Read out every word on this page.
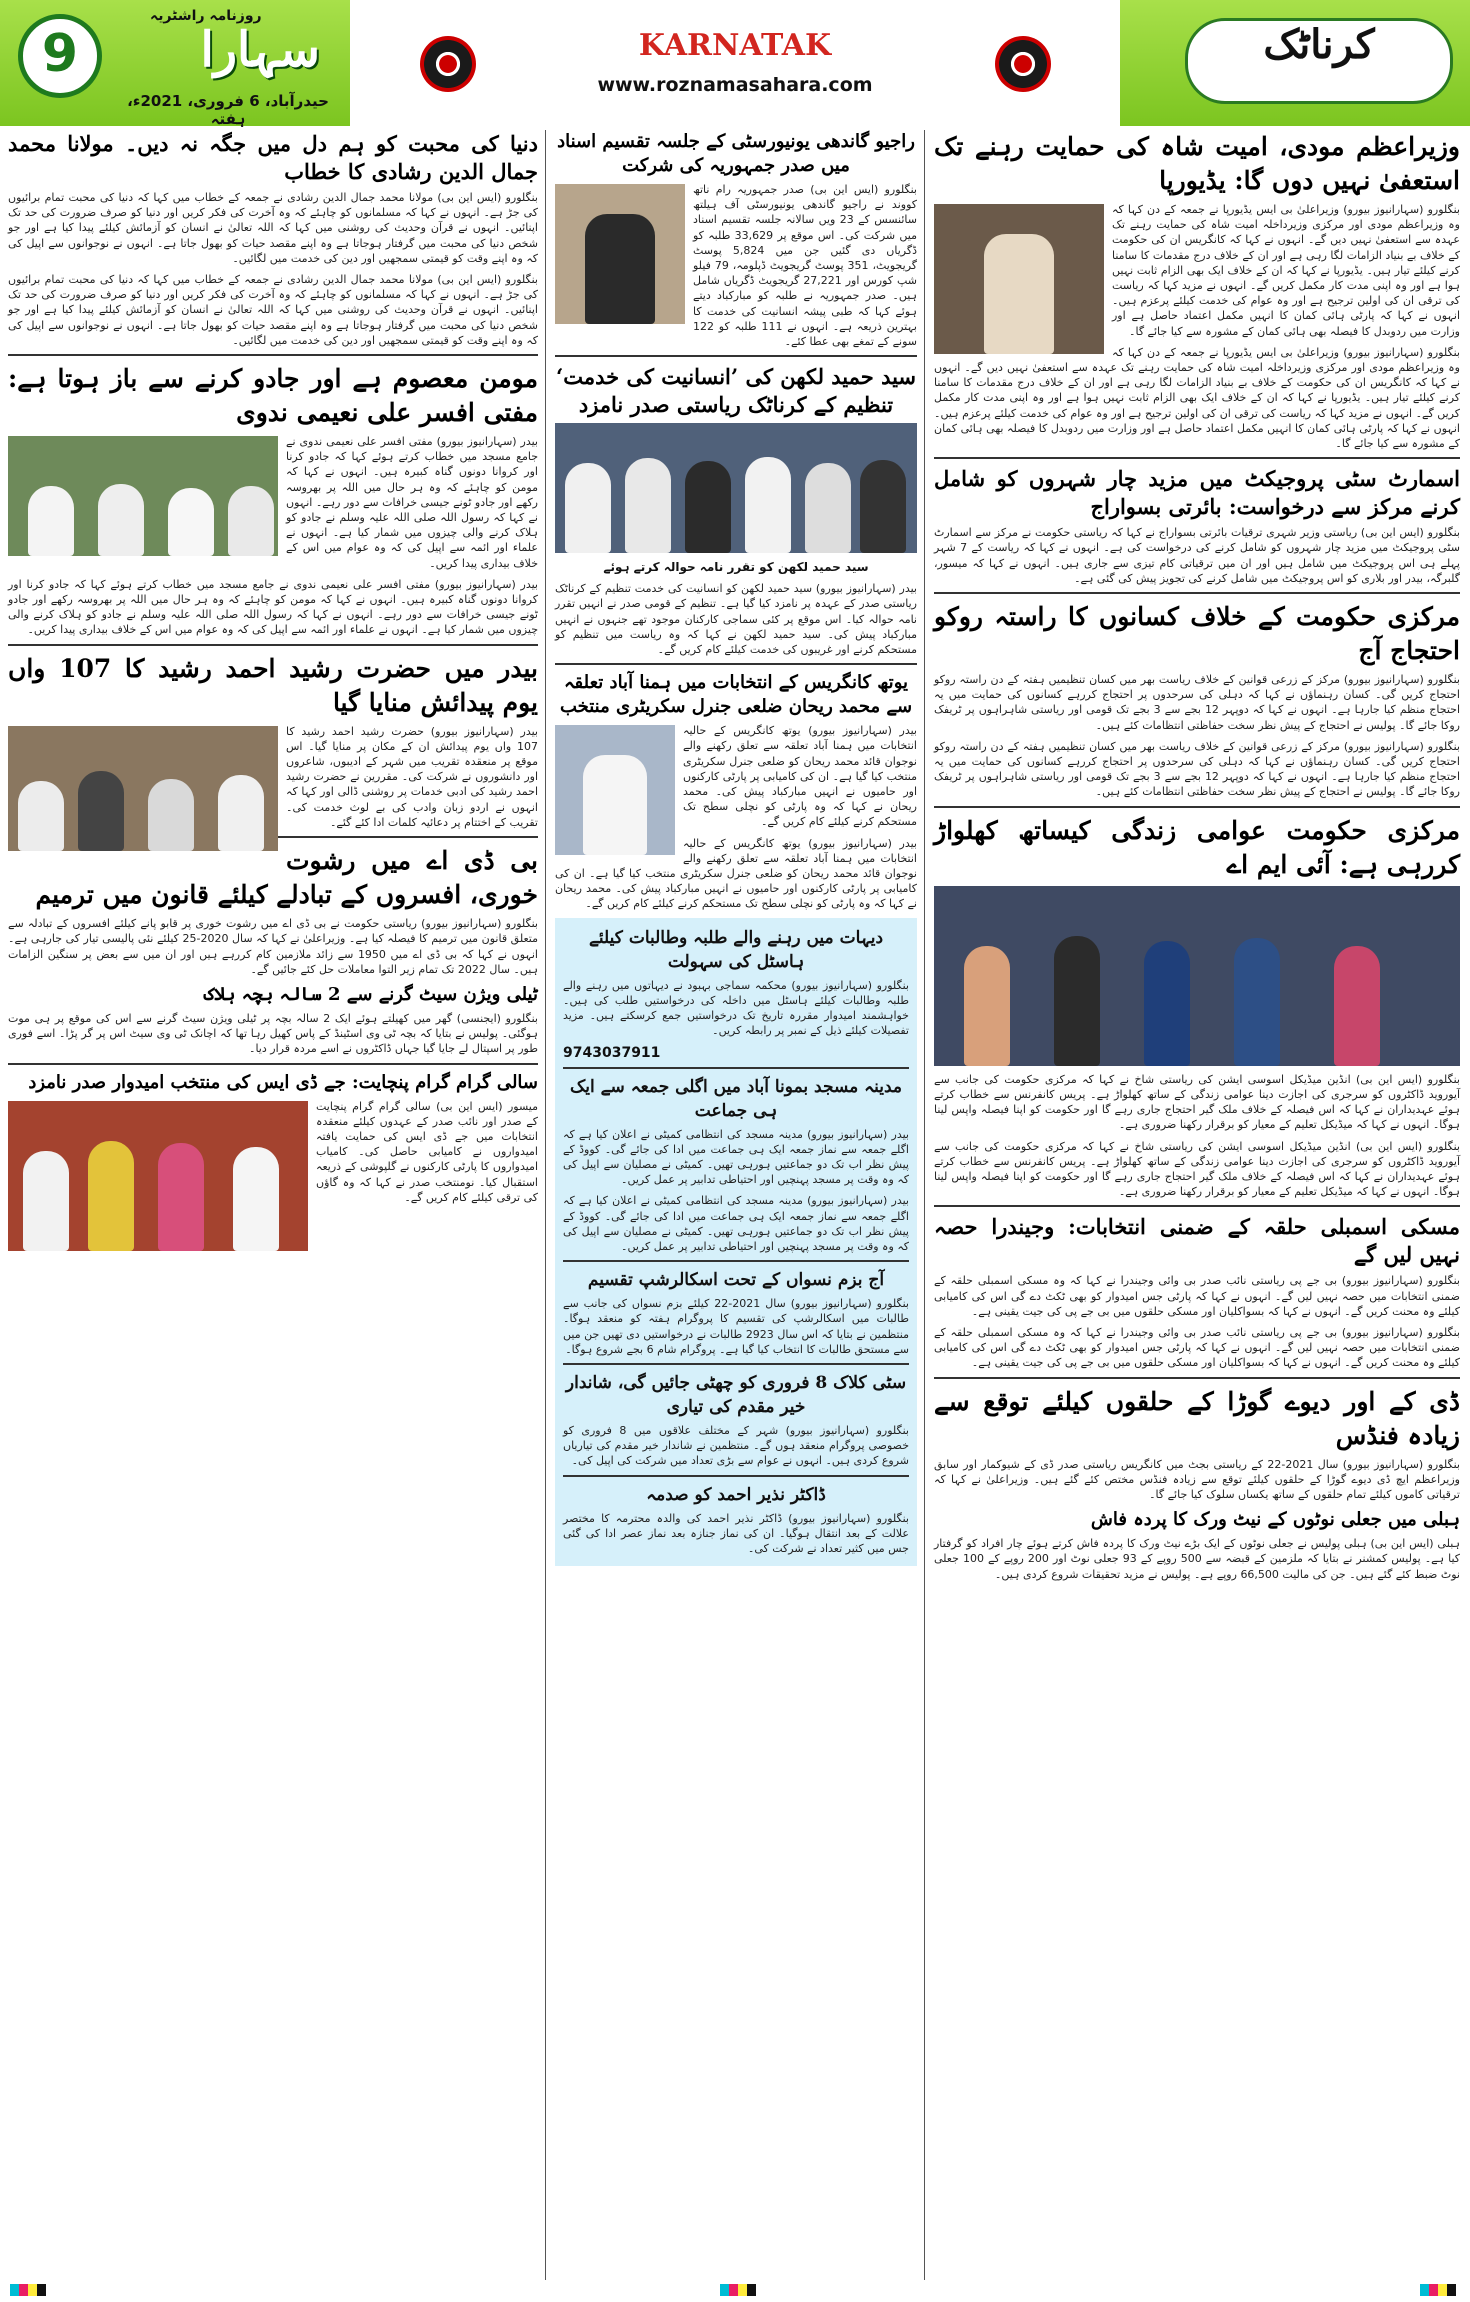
9
روزنامہ راشٹریہ
سہارا
حیدرآباد، 6 فروری، 2021ء، ہفتہ
KARNATAK
www.roznamasahara.com
کرناٹک
وزیراعظم مودی، امیت شاہ کی حمایت رہنے تک استعفیٰ نہیں دوں گا: یڈیورپا

بنگلورو (سہارانیوز بیورو) وزیراعلیٰ بی ایس یڈیورپا نے جمعہ کے دن کہا کہ وہ وزیراعظم مودی اور مرکزی وزیرداخلہ امیت شاہ کی حمایت رہنے تک عہدہ سے استعفیٰ نہیں دیں گے۔ انہوں نے کہا کہ کانگریس ان کی حکومت کے خلاف بے بنیاد الزامات لگا رہی ہے اور ان کے خلاف درج مقدمات کا سامنا کرنے کیلئے تیار ہیں۔ یڈیورپا نے کہا کہ ان کے خلاف ایک بھی الزام ثابت نہیں ہوا ہے اور وہ اپنی مدت کار مکمل کریں گے۔ انہوں نے مزید کہا کہ ریاست کی ترقی ان کی اولین ترجیح ہے اور وہ عوام کی خدمت کیلئے پرعزم ہیں۔ انہوں نے کہا کہ پارٹی ہائی کمان کا انہیں مکمل اعتماد حاصل ہے اور وزارت میں ردوبدل کا فیصلہ بھی ہائی کمان کے مشورہ سے کیا جائے گا۔

بنگلورو (سہارانیوز بیورو) وزیراعلیٰ بی ایس یڈیورپا نے جمعہ کے دن کہا کہ وہ وزیراعظم مودی اور مرکزی وزیرداخلہ امیت شاہ کی حمایت رہنے تک عہدہ سے استعفیٰ نہیں دیں گے۔ انہوں نے کہا کہ کانگریس ان کی حکومت کے خلاف بے بنیاد الزامات لگا رہی ہے اور ان کے خلاف درج مقدمات کا سامنا کرنے کیلئے تیار ہیں۔ یڈیورپا نے کہا کہ ان کے خلاف ایک بھی الزام ثابت نہیں ہوا ہے اور وہ اپنی مدت کار مکمل کریں گے۔ انہوں نے مزید کہا کہ ریاست کی ترقی ان کی اولین ترجیح ہے اور وہ عوام کی خدمت کیلئے پرعزم ہیں۔ انہوں نے کہا کہ پارٹی ہائی کمان کا انہیں مکمل اعتماد حاصل ہے اور وزارت میں ردوبدل کا فیصلہ بھی ہائی کمان کے مشورہ سے کیا جائے گا۔

اسمارٹ سٹی پروجیکٹ میں مزید چار شہروں کو شامل کرنے مرکز سے درخواست: بائرتی بسواراج

بنگلورو (ایس این بی) ریاستی وزیر شہری ترقیات بائرتی بسواراج نے کہا کہ ریاستی حکومت نے مرکز سے اسمارٹ سٹی پروجیکٹ میں مزید چار شہروں کو شامل کرنے کی درخواست کی ہے۔ انہوں نے کہا کہ ریاست کے 7 شہر پہلے ہی اس پروجیکٹ میں شامل ہیں اور ان میں ترقیاتی کام تیزی سے جاری ہیں۔ انہوں نے کہا کہ میسور، گلبرگہ، بیدر اور بلاری کو اس پروجیکٹ میں شامل کرنے کی تجویز پیش کی گئی ہے۔

مرکزی حکومت کے خلاف کسانوں کا راستہ روکو احتجاج آج

بنگلورو (سہارانیوز بیورو) مرکز کے زرعی قوانین کے خلاف ریاست بھر میں کسان تنظیمیں ہفتہ کے دن راستہ روکو احتجاج کریں گی۔ کسان رہنماؤں نے کہا کہ دہلی کی سرحدوں پر احتجاج کررہے کسانوں کی حمایت میں یہ احتجاج منظم کیا جارہا ہے۔ انہوں نے کہا کہ دوپہر 12 بجے سے 3 بجے تک قومی اور ریاستی شاہراہوں پر ٹریفک روکا جائے گا۔ پولیس نے احتجاج کے پیش نظر سخت حفاظتی انتظامات کئے ہیں۔

بنگلورو (سہارانیوز بیورو) مرکز کے زرعی قوانین کے خلاف ریاست بھر میں کسان تنظیمیں ہفتہ کے دن راستہ روکو احتجاج کریں گی۔ کسان رہنماؤں نے کہا کہ دہلی کی سرحدوں پر احتجاج کررہے کسانوں کی حمایت میں یہ احتجاج منظم کیا جارہا ہے۔ انہوں نے کہا کہ دوپہر 12 بجے سے 3 بجے تک قومی اور ریاستی شاہراہوں پر ٹریفک روکا جائے گا۔ پولیس نے احتجاج کے پیش نظر سخت حفاظتی انتظامات کئے ہیں۔

مرکزی حکومت عوامی زندگی کیساتھ کھلواڑ کررہی ہے: آئی ایم اے

بنگلورو (ایس این بی) انڈین میڈیکل اسوسی ایشن کی ریاستی شاخ نے کہا کہ مرکزی حکومت کی جانب سے آیوروید ڈاکٹروں کو سرجری کی اجازت دینا عوامی زندگی کے ساتھ کھلواڑ ہے۔ پریس کانفرنس سے خطاب کرتے ہوئے عہدیداران نے کہا کہ اس فیصلہ کے خلاف ملک گیر احتجاج جاری رہے گا اور حکومت کو اپنا فیصلہ واپس لینا ہوگا۔ انہوں نے کہا کہ میڈیکل تعلیم کے معیار کو برقرار رکھنا ضروری ہے۔

بنگلورو (ایس این بی) انڈین میڈیکل اسوسی ایشن کی ریاستی شاخ نے کہا کہ مرکزی حکومت کی جانب سے آیوروید ڈاکٹروں کو سرجری کی اجازت دینا عوامی زندگی کے ساتھ کھلواڑ ہے۔ پریس کانفرنس سے خطاب کرتے ہوئے عہدیداران نے کہا کہ اس فیصلہ کے خلاف ملک گیر احتجاج جاری رہے گا اور حکومت کو اپنا فیصلہ واپس لینا ہوگا۔ انہوں نے کہا کہ میڈیکل تعلیم کے معیار کو برقرار رکھنا ضروری ہے۔

مسکی اسمبلی حلقہ کے ضمنی انتخابات: وجیندرا حصہ نہیں لیں گے

بنگلورو (سہارانیوز بیورو) بی جے پی ریاستی نائب صدر بی وائی وجیندرا نے کہا کہ وہ مسکی اسمبلی حلقہ کے ضمنی انتخابات میں حصہ نہیں لیں گے۔ انہوں نے کہا کہ پارٹی جس امیدوار کو بھی ٹکٹ دے گی اس کی کامیابی کیلئے وہ محنت کریں گے۔ انہوں نے کہا کہ بسواکلیان اور مسکی حلقوں میں بی جے پی کی جیت یقینی ہے۔

بنگلورو (سہارانیوز بیورو) بی جے پی ریاستی نائب صدر بی وائی وجیندرا نے کہا کہ وہ مسکی اسمبلی حلقہ کے ضمنی انتخابات میں حصہ نہیں لیں گے۔ انہوں نے کہا کہ پارٹی جس امیدوار کو بھی ٹکٹ دے گی اس کی کامیابی کیلئے وہ محنت کریں گے۔ انہوں نے کہا کہ بسواکلیان اور مسکی حلقوں میں بی جے پی کی جیت یقینی ہے۔

ڈی کے اور دیوے گوڑا کے حلقوں کیلئے توقع سے زیادہ فنڈس

بنگلورو (سہارانیوز بیورو) سال 2021-22 کے ریاستی بجٹ میں کانگریس ریاستی صدر ڈی کے شیوکمار اور سابق وزیراعظم ایچ ڈی دیوے گوڑا کے حلقوں کیلئے توقع سے زیادہ فنڈس مختص کئے گئے ہیں۔ وزیراعلیٰ نے کہا کہ ترقیاتی کاموں کیلئے تمام حلقوں کے ساتھ یکساں سلوک کیا جائے گا۔

ہبلی میں جعلی نوٹوں کے نیٹ ورک کا پردہ فاش

ہبلی (ایس این بی) ہبلی پولیس نے جعلی نوٹوں کے ایک بڑے نیٹ ورک کا پردہ فاش کرتے ہوئے چار افراد کو گرفتار کیا ہے۔ پولیس کمشنر نے بتایا کہ ملزمین کے قبضہ سے 500 روپے کے 93 جعلی نوٹ اور 200 روپے کے 100 جعلی نوٹ ضبط کئے گئے ہیں۔ جن کی مالیت 66,500 روپے ہے۔ پولیس نے مزید تحقیقات شروع کردی ہیں۔

راجیو گاندھی یونیورسٹی کے جلسہ تقسیم اسناد میں صدر جمہوریہ کی شرکت

بنگلورو (ایس این بی) صدر جمہوریہ رام ناتھ کووند نے راجیو گاندھی یونیورسٹی آف ہیلتھ سائنسس کے 23 ویں سالانہ جلسہ تقسیم اسناد میں شرکت کی۔ اس موقع پر 33,629 طلبہ کو ڈگریاں دی گئیں جن میں 5,824 پوسٹ گریجویٹ، 351 پوسٹ گریجویٹ ڈپلومہ، 79 فیلو شپ کورس اور 27,221 گریجویٹ ڈگریاں شامل ہیں۔ صدر جمہوریہ نے طلبہ کو مبارکباد دیتے ہوئے کہا کہ طبی پیشہ انسانیت کی خدمت کا بہترین ذریعہ ہے۔ انہوں نے 111 طلبہ کو 122 سونے کے تمغے بھی عطا کئے۔

سید حمید لکھن کی ’انسانیت کی خدمت‘ تنظیم کے کرناٹک ریاستی صدر نامزد
سید حمید لکھن کو تقرر نامہ حوالہ کرتے ہوئے

بیدر (سہارانیوز بیورو) سید حمید لکھن کو انسانیت کی خدمت تنظیم کے کرناٹک ریاستی صدر کے عہدہ پر نامزد کیا گیا ہے۔ تنظیم کے قومی صدر نے انہیں تقرر نامہ حوالہ کیا۔ اس موقع پر کئی سماجی کارکنان موجود تھے جنہوں نے انہیں مبارکباد پیش کی۔ سید حمید لکھن نے کہا کہ وہ ریاست میں تنظیم کو مستحکم کرنے اور غریبوں کی خدمت کیلئے کام کریں گے۔

یوتھ کانگریس کے انتخابات میں ہمنا آباد تعلقہ سے محمد ریحان ضلعی جنرل سکریٹری منتخب

بیدر (سہارانیوز بیورو) یوتھ کانگریس کے حالیہ انتخابات میں ہمنا آباد تعلقہ سے تعلق رکھنے والے نوجوان قائد محمد ریحان کو ضلعی جنرل سکریٹری منتخب کیا گیا ہے۔ ان کی کامیابی پر پارٹی کارکنوں اور حامیوں نے انہیں مبارکباد پیش کی۔ محمد ریحان نے کہا کہ وہ پارٹی کو نچلی سطح تک مستحکم کرنے کیلئے کام کریں گے۔

بیدر (سہارانیوز بیورو) یوتھ کانگریس کے حالیہ انتخابات میں ہمنا آباد تعلقہ سے تعلق رکھنے والے نوجوان قائد محمد ریحان کو ضلعی جنرل سکریٹری منتخب کیا گیا ہے۔ ان کی کامیابی پر پارٹی کارکنوں اور حامیوں نے انہیں مبارکباد پیش کی۔ محمد ریحان نے کہا کہ وہ پارٹی کو نچلی سطح تک مستحکم کرنے کیلئے کام کریں گے۔

دیہات میں رہنے والے طلبہ وطالبات کیلئے ہاسٹل کی سہولت

بنگلورو (سہارانیوز بیورو) محکمہ سماجی بہبود نے دیہاتوں میں رہنے والے طلبہ وطالبات کیلئے ہاسٹل میں داخلہ کی درخواستیں طلب کی ہیں۔ خواہشمند امیدوار مقررہ تاریخ تک درخواستیں جمع کرسکتے ہیں۔ مزید تفصیلات کیلئے ذیل کے نمبر پر رابطہ کریں۔

9743037911
مدینہ مسجد بمونا آباد میں اگلی جمعہ سے ایک ہی جماعت

بیدر (سہارانیوز بیورو) مدینہ مسجد کی انتظامی کمیٹی نے اعلان کیا ہے کہ اگلے جمعہ سے نماز جمعہ ایک ہی جماعت میں ادا کی جائے گی۔ کووڈ کے پیش نظر اب تک دو جماعتیں ہورہی تھیں۔ کمیٹی نے مصلیان سے اپیل کی کہ وہ وقت پر مسجد پہنچیں اور احتیاطی تدابیر پر عمل کریں۔

بیدر (سہارانیوز بیورو) مدینہ مسجد کی انتظامی کمیٹی نے اعلان کیا ہے کہ اگلے جمعہ سے نماز جمعہ ایک ہی جماعت میں ادا کی جائے گی۔ کووڈ کے پیش نظر اب تک دو جماعتیں ہورہی تھیں۔ کمیٹی نے مصلیان سے اپیل کی کہ وہ وقت پر مسجد پہنچیں اور احتیاطی تدابیر پر عمل کریں۔

آج بزم نسواں کے تحت اسکالرشپ تقسیم

بنگلورو (سہارانیوز بیورو) سال 2021-22 کیلئے بزم نسواں کی جانب سے طالبات میں اسکالرشپ کی تقسیم کا پروگرام ہفتہ کو منعقد ہوگا۔ منتظمین نے بتایا کہ اس سال 2923 طالبات نے درخواستیں دی تھیں جن میں سے مستحق طالبات کا انتخاب کیا گیا ہے۔ پروگرام شام 6 بجے شروع ہوگا۔

سٹی کلاک 8 فروری کو چھٹی جائیں گی، شاندار خیر مقدم کی تیاری

بنگلورو (سہارانیوز بیورو) شہر کے مختلف علاقوں میں 8 فروری کو خصوصی پروگرام منعقد ہوں گے۔ منتظمین نے شاندار خیر مقدم کی تیاریاں شروع کردی ہیں۔ انہوں نے عوام سے بڑی تعداد میں شرکت کی اپیل کی۔

ڈاکٹر نذیر احمد کو صدمہ

بنگلورو (سہارانیوز بیورو) ڈاکٹر نذیر احمد کی والدہ محترمہ کا مختصر علالت کے بعد انتقال ہوگیا۔ ان کی نماز جنازہ بعد نماز عصر ادا کی گئی جس میں کثیر تعداد نے شرکت کی۔

دنیا کی محبت کو ہم دل میں جگہ نہ دیں۔ مولانا محمد جمال الدین رشادی کا خطاب

بنگلورو (ایس این بی) مولانا محمد جمال الدین رشادی نے جمعہ کے خطاب میں کہا کہ دنیا کی محبت تمام برائیوں کی جڑ ہے۔ انہوں نے کہا کہ مسلمانوں کو چاہئے کہ وہ آخرت کی فکر کریں اور دنیا کو صرف ضرورت کی حد تک اپنائیں۔ انہوں نے قرآن وحدیث کی روشنی میں کہا کہ اللہ تعالیٰ نے انسان کو آزمائش کیلئے پیدا کیا ہے اور جو شخص دنیا کی محبت میں گرفتار ہوجاتا ہے وہ اپنے مقصد حیات کو بھول جاتا ہے۔ انہوں نے نوجوانوں سے اپیل کی کہ وہ اپنے وقت کو قیمتی سمجھیں اور دین کی خدمت میں لگائیں۔

بنگلورو (ایس این بی) مولانا محمد جمال الدین رشادی نے جمعہ کے خطاب میں کہا کہ دنیا کی محبت تمام برائیوں کی جڑ ہے۔ انہوں نے کہا کہ مسلمانوں کو چاہئے کہ وہ آخرت کی فکر کریں اور دنیا کو صرف ضرورت کی حد تک اپنائیں۔ انہوں نے قرآن وحدیث کی روشنی میں کہا کہ اللہ تعالیٰ نے انسان کو آزمائش کیلئے پیدا کیا ہے اور جو شخص دنیا کی محبت میں گرفتار ہوجاتا ہے وہ اپنے مقصد حیات کو بھول جاتا ہے۔ انہوں نے نوجوانوں سے اپیل کی کہ وہ اپنے وقت کو قیمتی سمجھیں اور دین کی خدمت میں لگائیں۔

مومن معصوم ہے اور جادو کرنے سے باز ہوتا ہے: مفتی افسر علی نعیمی ندوی

بیدر (سہارانیوز بیورو) مفتی افسر علی نعیمی ندوی نے جامع مسجد میں خطاب کرتے ہوئے کہا کہ جادو کرنا اور کروانا دونوں گناہ کبیرہ ہیں۔ انہوں نے کہا کہ مومن کو چاہئے کہ وہ ہر حال میں اللہ پر بھروسہ رکھے اور جادو ٹونے جیسی خرافات سے دور رہے۔ انہوں نے کہا کہ رسول اللہ صلی اللہ علیہ وسلم نے جادو کو ہلاک کرنے والی چیزوں میں شمار کیا ہے۔ انہوں نے علماء اور ائمہ سے اپیل کی کہ وہ عوام میں اس کے خلاف بیداری پیدا کریں۔

بیدر (سہارانیوز بیورو) مفتی افسر علی نعیمی ندوی نے جامع مسجد میں خطاب کرتے ہوئے کہا کہ جادو کرنا اور کروانا دونوں گناہ کبیرہ ہیں۔ انہوں نے کہا کہ مومن کو چاہئے کہ وہ ہر حال میں اللہ پر بھروسہ رکھے اور جادو ٹونے جیسی خرافات سے دور رہے۔ انہوں نے کہا کہ رسول اللہ صلی اللہ علیہ وسلم نے جادو کو ہلاک کرنے والی چیزوں میں شمار کیا ہے۔ انہوں نے علماء اور ائمہ سے اپیل کی کہ وہ عوام میں اس کے خلاف بیداری پیدا کریں۔

بیدر میں حضرت رشید احمد رشید کا 107 واں یوم پیدائش منایا گیا

بیدر (سہارانیوز بیورو) حضرت رشید احمد رشید کا 107 واں یوم پیدائش ان کے مکان پر منایا گیا۔ اس موقع پر منعقدہ تقریب میں شہر کے ادیبوں، شاعروں اور دانشوروں نے شرکت کی۔ مقررین نے حضرت رشید احمد رشید کی ادبی خدمات پر روشنی ڈالی اور کہا کہ انہوں نے اردو زبان وادب کی بے لوث خدمت کی۔ تقریب کے اختتام پر دعائیہ کلمات ادا کئے گئے۔

بی ڈی اے میں رشوت خوری، افسروں کے تبادلے کیلئے قانون میں ترمیم

بنگلورو (سہارانیوز بیورو) ریاستی حکومت نے بی ڈی اے میں رشوت خوری پر قابو پانے کیلئے افسروں کے تبادلہ سے متعلق قانون میں ترمیم کا فیصلہ کیا ہے۔ وزیراعلیٰ نے کہا کہ سال 2020-25 کیلئے نئی پالیسی تیار کی جارہی ہے۔ انہوں نے کہا کہ بی ڈی اے میں 1950 سے زائد ملازمین کام کررہے ہیں اور ان میں سے بعض پر سنگین الزامات ہیں۔ سال 2022 تک تمام زیر التوا معاملات حل کئے جائیں گے۔

ٹیلی ویژن سیٹ گرنے سے 2 سالہ بچہ ہلاک

بنگلورو (ایجنسی) گھر میں کھیلتے ہوئے ایک 2 سالہ بچہ پر ٹیلی ویژن سیٹ گرنے سے اس کی موقع پر ہی موت ہوگئی۔ پولیس نے بتایا کہ بچہ ٹی وی اسٹینڈ کے پاس کھیل رہا تھا کہ اچانک ٹی وی سیٹ اس پر گر پڑا۔ اسے فوری طور پر اسپتال لے جایا گیا جہاں ڈاکٹروں نے اسے مردہ قرار دیا۔

سالی گرام گرام پنچایت: جے ڈی ایس کی منتخب امیدوار صدر نامزد

میسور (ایس این بی) سالی گرام گرام پنچایت کے صدر اور نائب صدر کے عہدوں کیلئے منعقدہ انتخابات میں جے ڈی ایس کی حمایت یافتہ امیدواروں نے کامیابی حاصل کی۔ کامیاب امیدواروں کا پارٹی کارکنوں نے گلپوشی کے ذریعہ استقبال کیا۔ نومنتخب صدر نے کہا کہ وہ گاؤں کی ترقی کیلئے کام کریں گے۔
